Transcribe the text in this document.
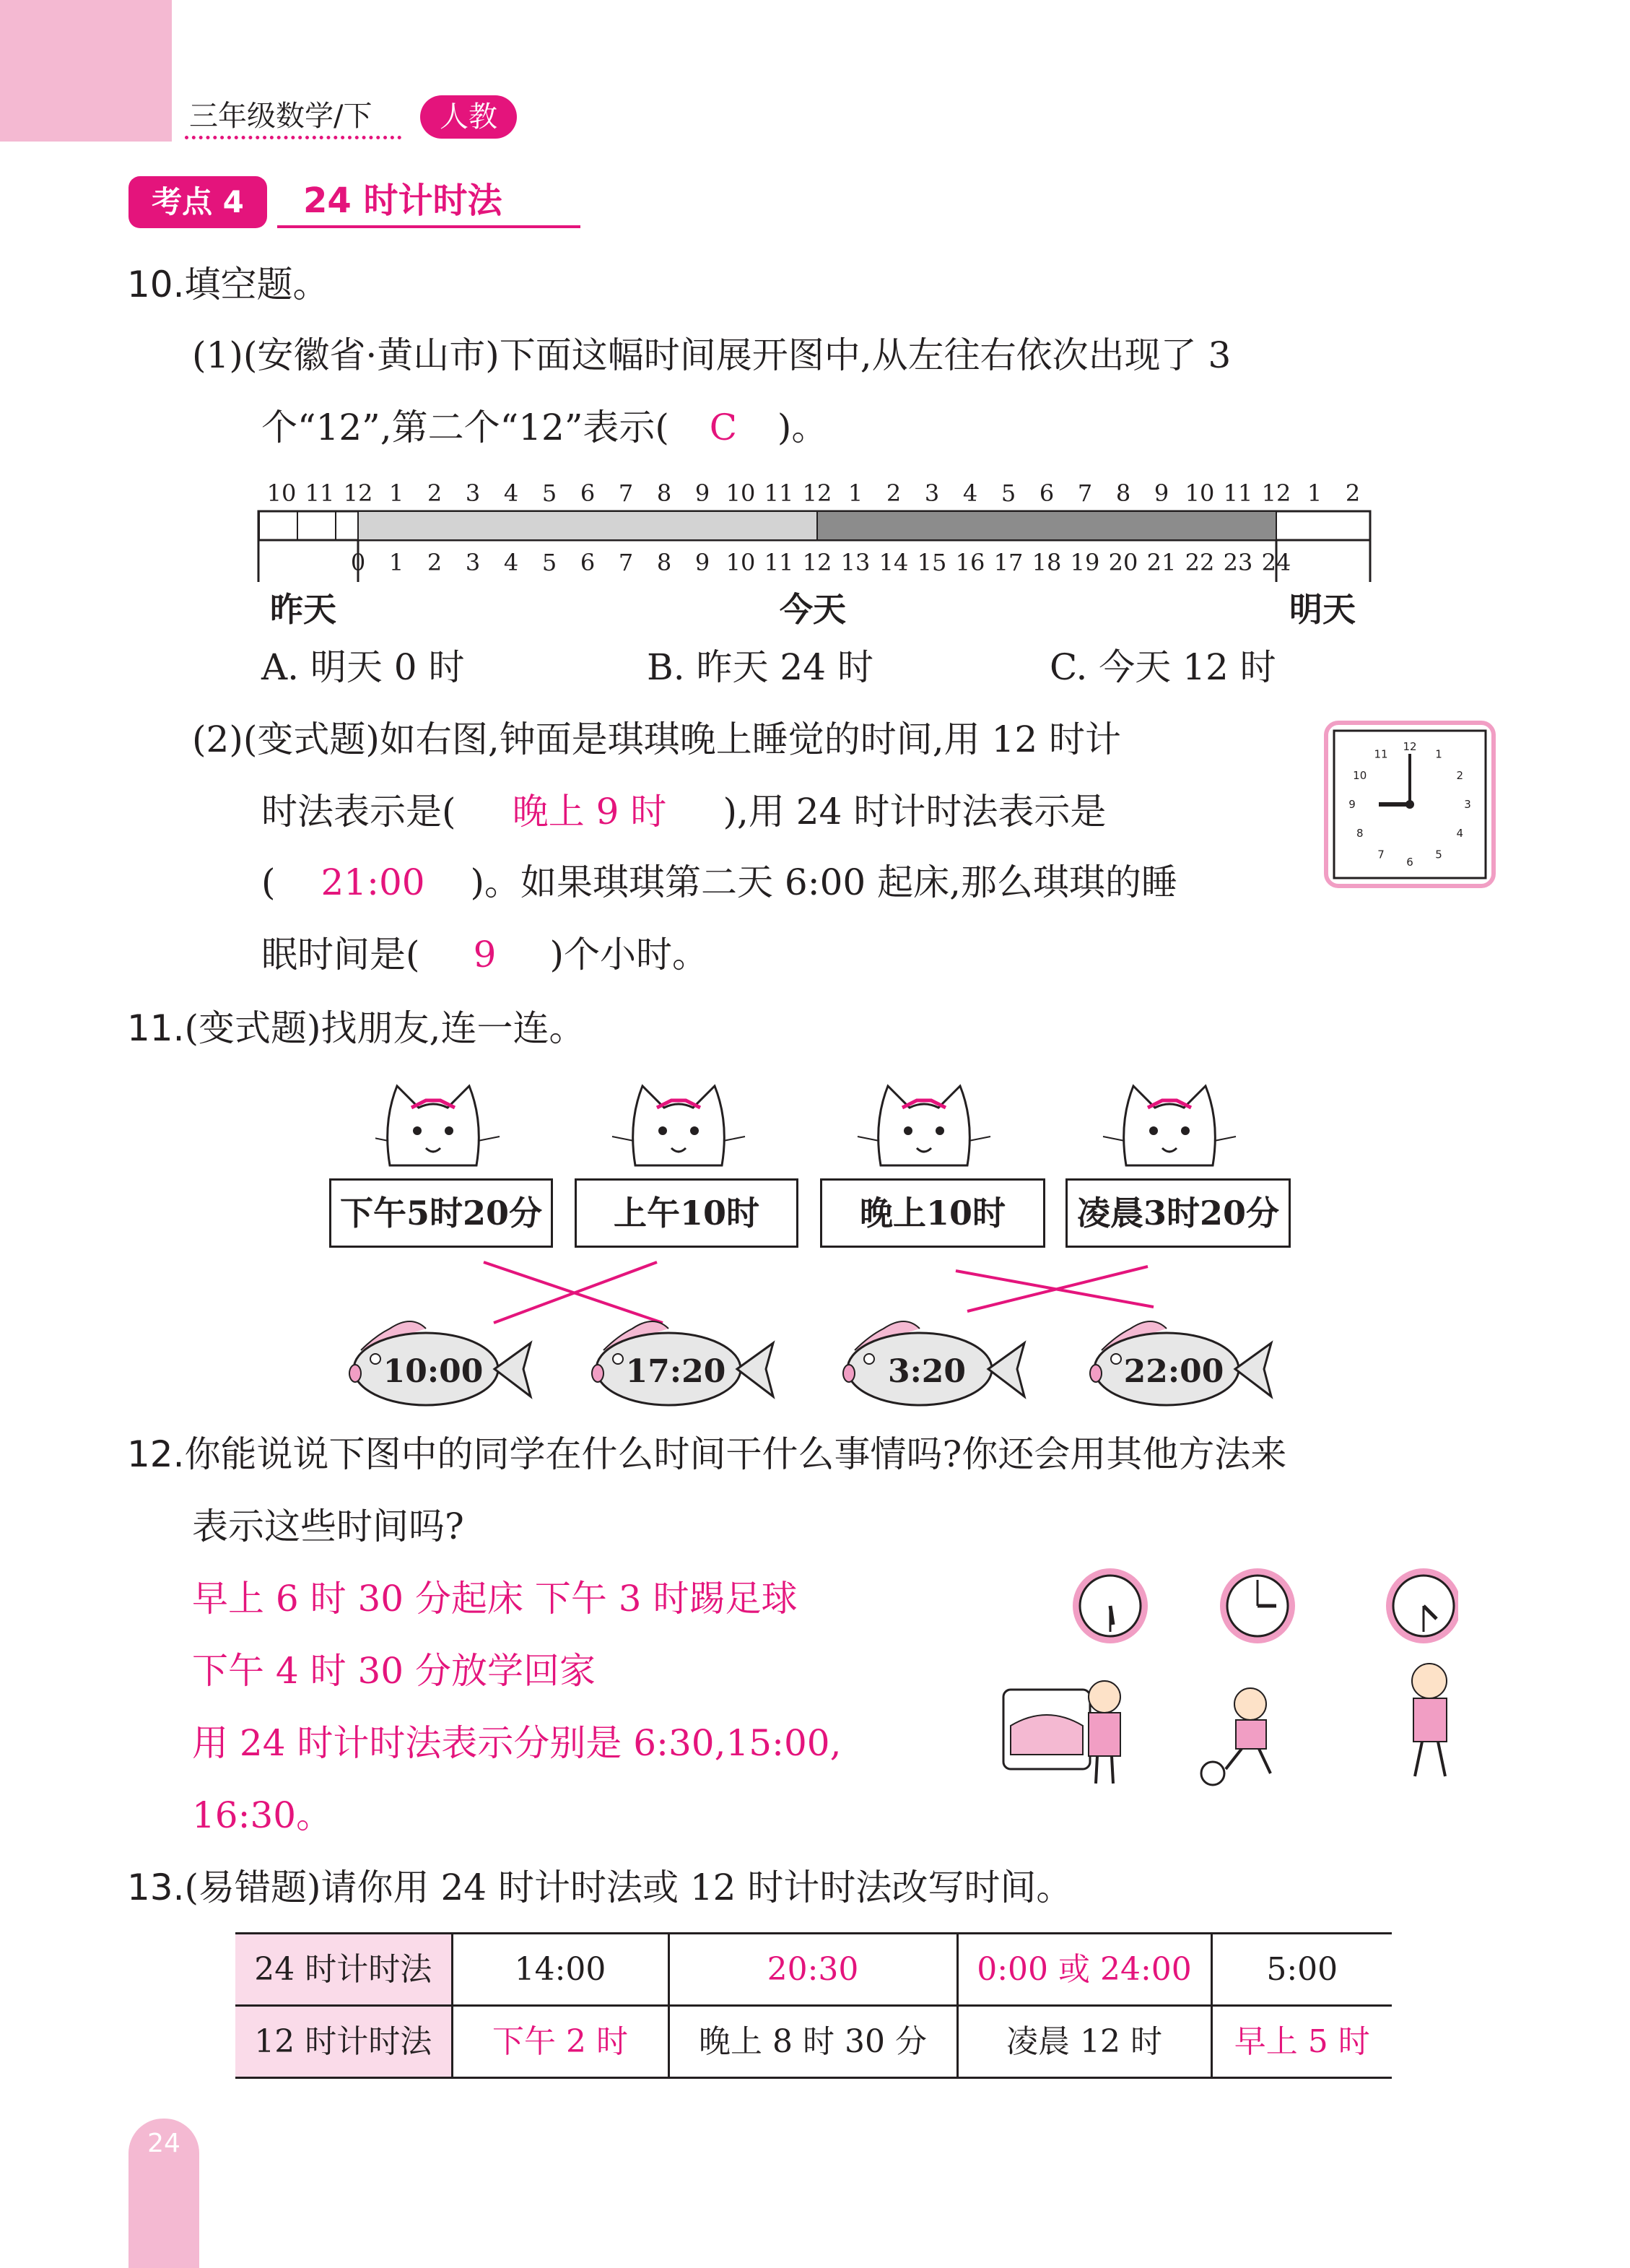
三年级数学/下	人教
考点 4	24 时计时法
10.填空题。
(1)(安徽省·黄山市)下面这幅时间展开图中,从左往右依次出现了 3
个“12”,第二个“12”表示( C )。
10 11 12 1 2 3 4 5 6 7 8 9 10 11 12 1 2 3 4 5 6 7 8 9 10 11 12 1 2
0 1 2 3 4 5 6 7 8 9 10 11 12 13 14 15 16 17 18 19 20 21 22 23 24
昨天	今天	明天
A. 明天 0 时	B. 昨天 24 时	C. 今天 12 时
(2)(变式题)如右图,钟面是琪琪晚上睡觉的时间,用 12 时计
时法表示是( 晚上 9 时 ),用 24 时计时法表示是
( 21:00 )。如果琪琪第二天 6:00 起床,那么琪琪的睡
眠时间是( 9 )个小时。
12
1
2
3
4
5
6
7
8
9
10
11
11.(变式题)找朋友,连一连。
下午5时20分	上午10时	晚上10时	凌晨3时20分
10:00	17:20	3:20	22:00
12.你能说说下图中的同学在什么时间干什么事情吗?你还会用其他方法来
表示这些时间吗?
早上 6 时 30 分起床 下午 3 时踢足球
下午 4 时 30 分放学回家
用 24 时计时法表示分别是 6:30,15:00,
16:30。
13.(易错题)请你用 24 时计时法或 12 时计时法改写时间。
24 时计时法	14:00	20:30	0:00 或 24:00	5:00
12 时计时法	下午 2 时	晚上 8 时 30 分	凌晨 12 时	早上 5 时
24
